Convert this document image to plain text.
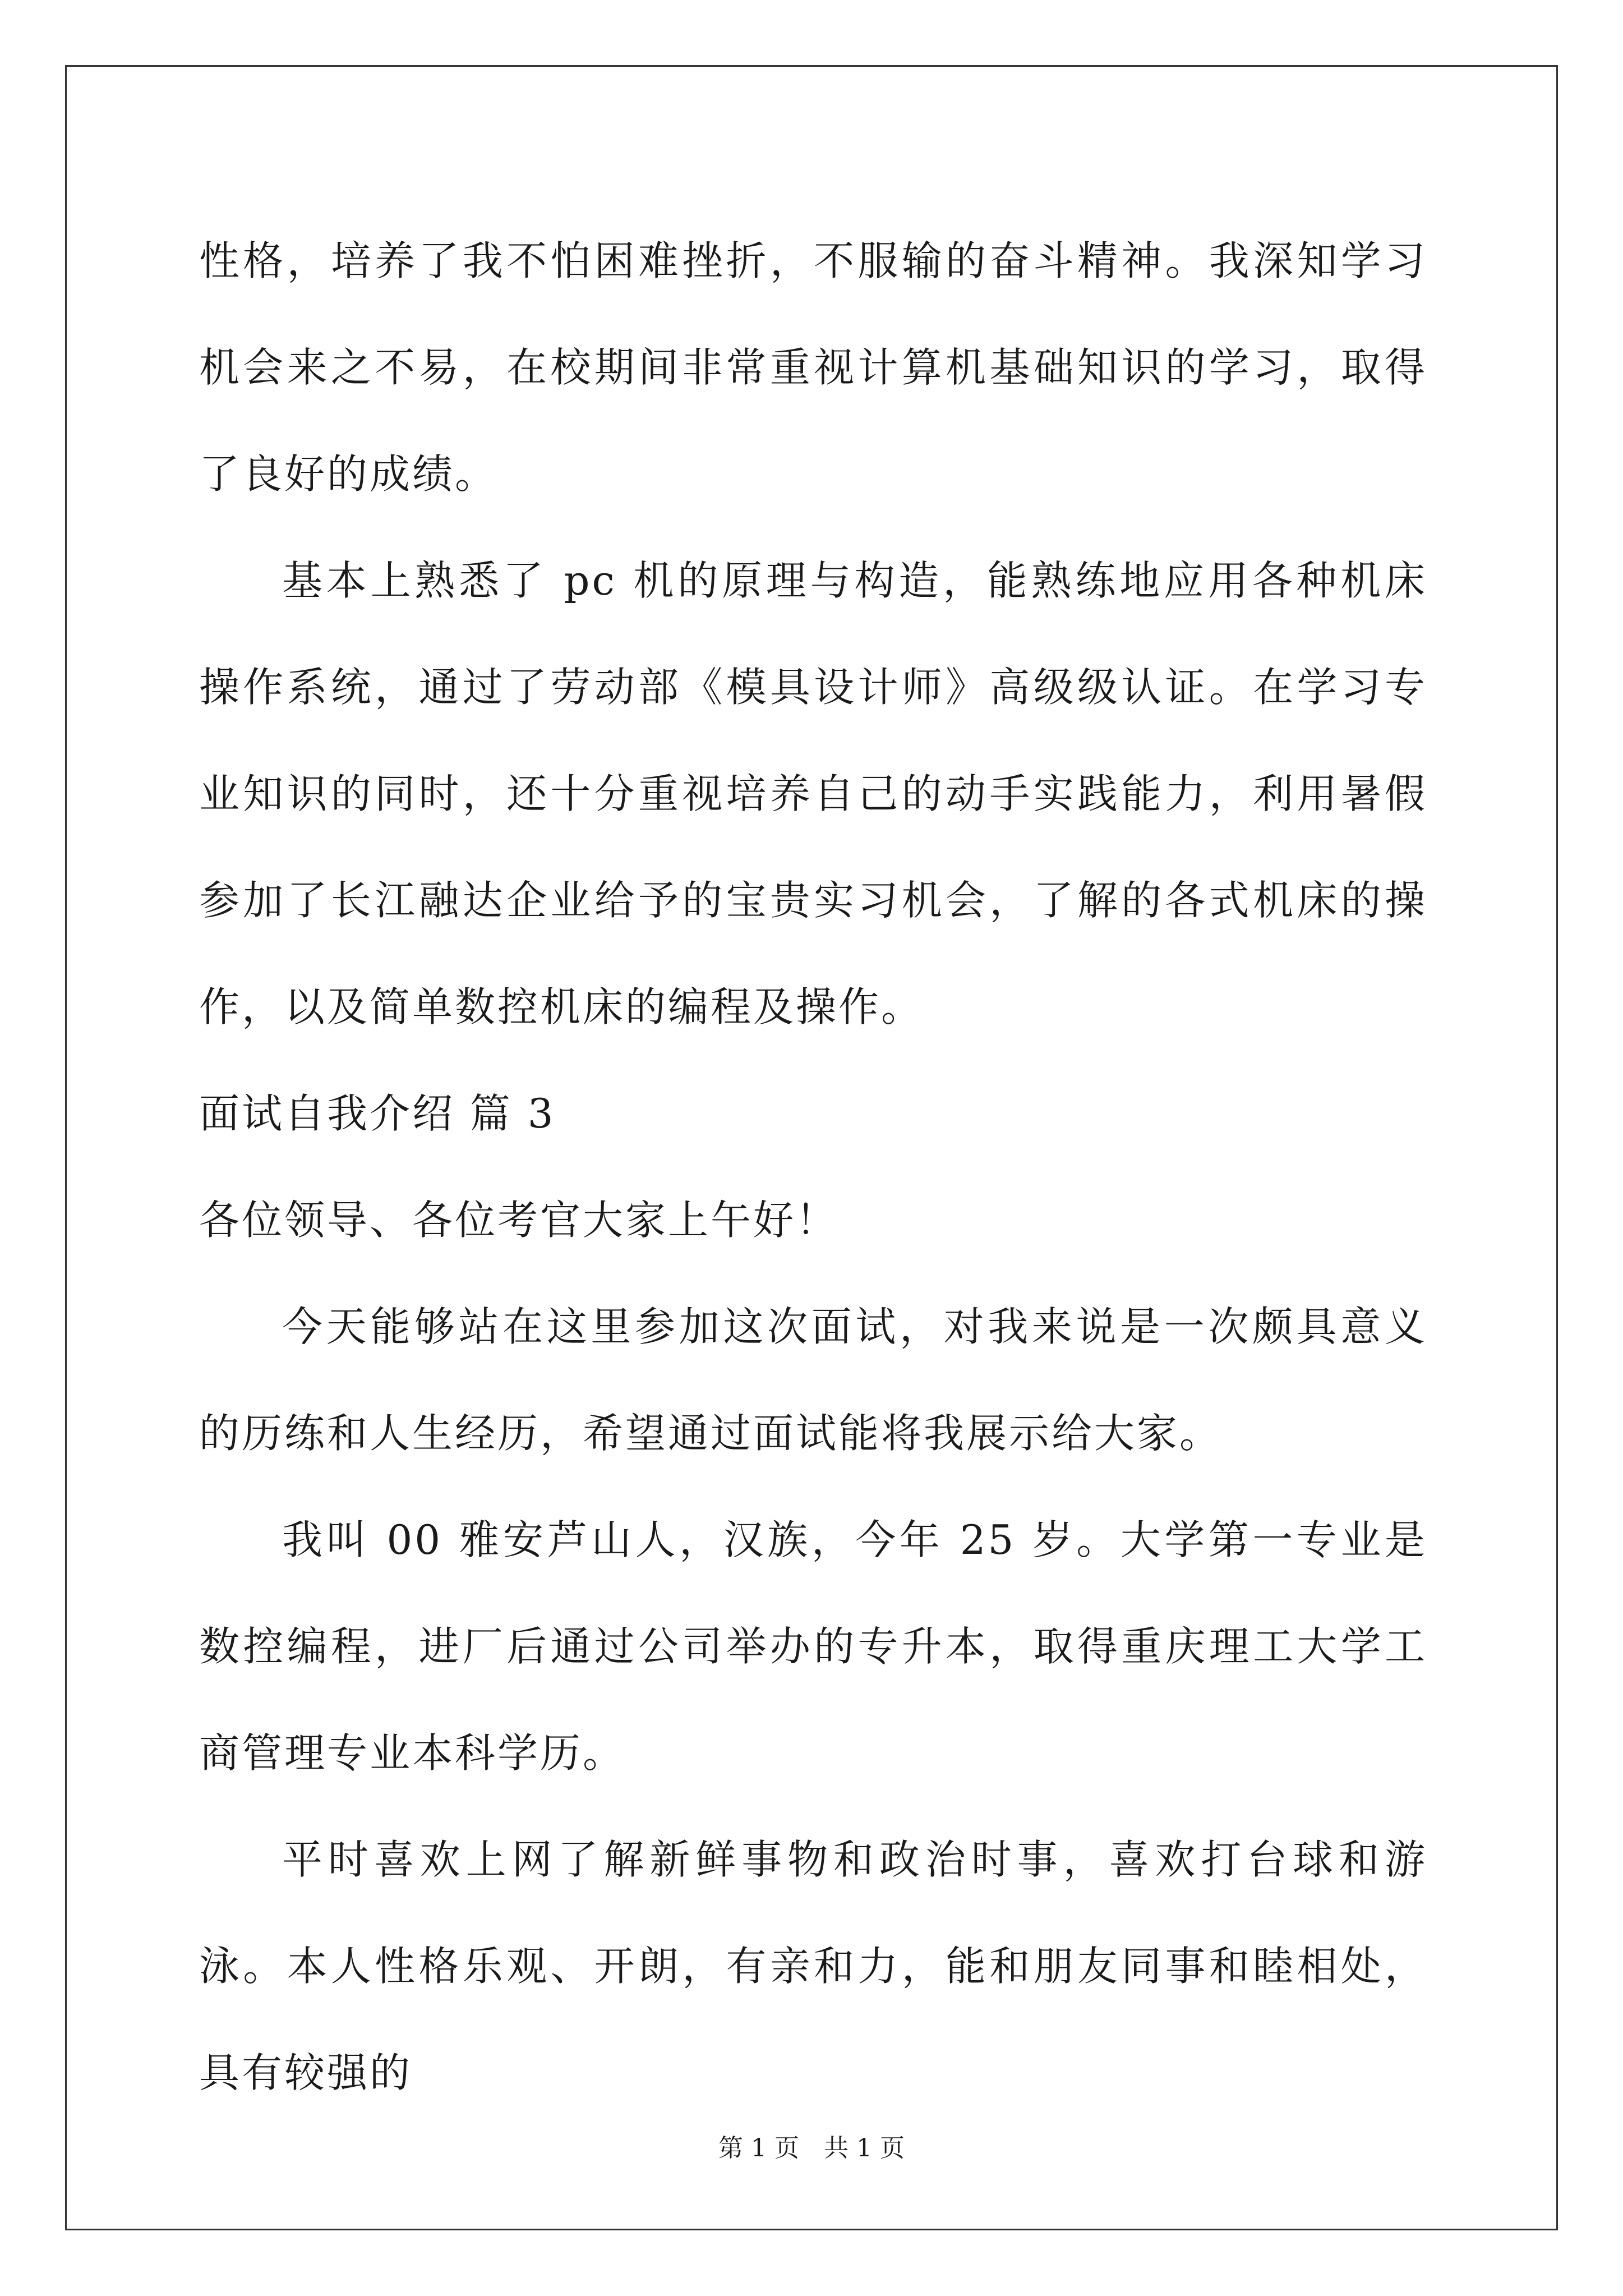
性格，培养了我不怕困难挫折，不服输的奋斗精神。我深知学习机会来之不易，在校期间非常重视计算机基础知识的学习，取得了良好的成绩。

基本上熟悉了 pc 机的原理与构造，能熟练地应用各种机床操作系统，通过了劳动部《模具设计师》高级级认证。在学习专业知识的同时，还十分重视培养自己的动手实践能力，利用暑假参加了长江融达企业给予的宝贵实习机会，了解的各式机床的操作，以及简单数控机床的编程及操作。

面试自我介绍 篇 3

各位领导、各位考官大家上午好！

今天能够站在这里参加这次面试，对我来说是一次颇具意义的历练和人生经历，希望通过面试能将我展示给大家。

我叫 00 雅安芦山人，汉族，今年 25 岁。大学第一专业是数控编程，进厂后通过公司举办的专升本，取得重庆理工大学工商管理专业本科学历。

平时喜欢上网了解新鲜事物和政治时事，喜欢打台球和游泳。本人性格乐观、开朗，有亲和力，能和朋友同事和睦相处，具有较强的

第 1 页　共 1 页
